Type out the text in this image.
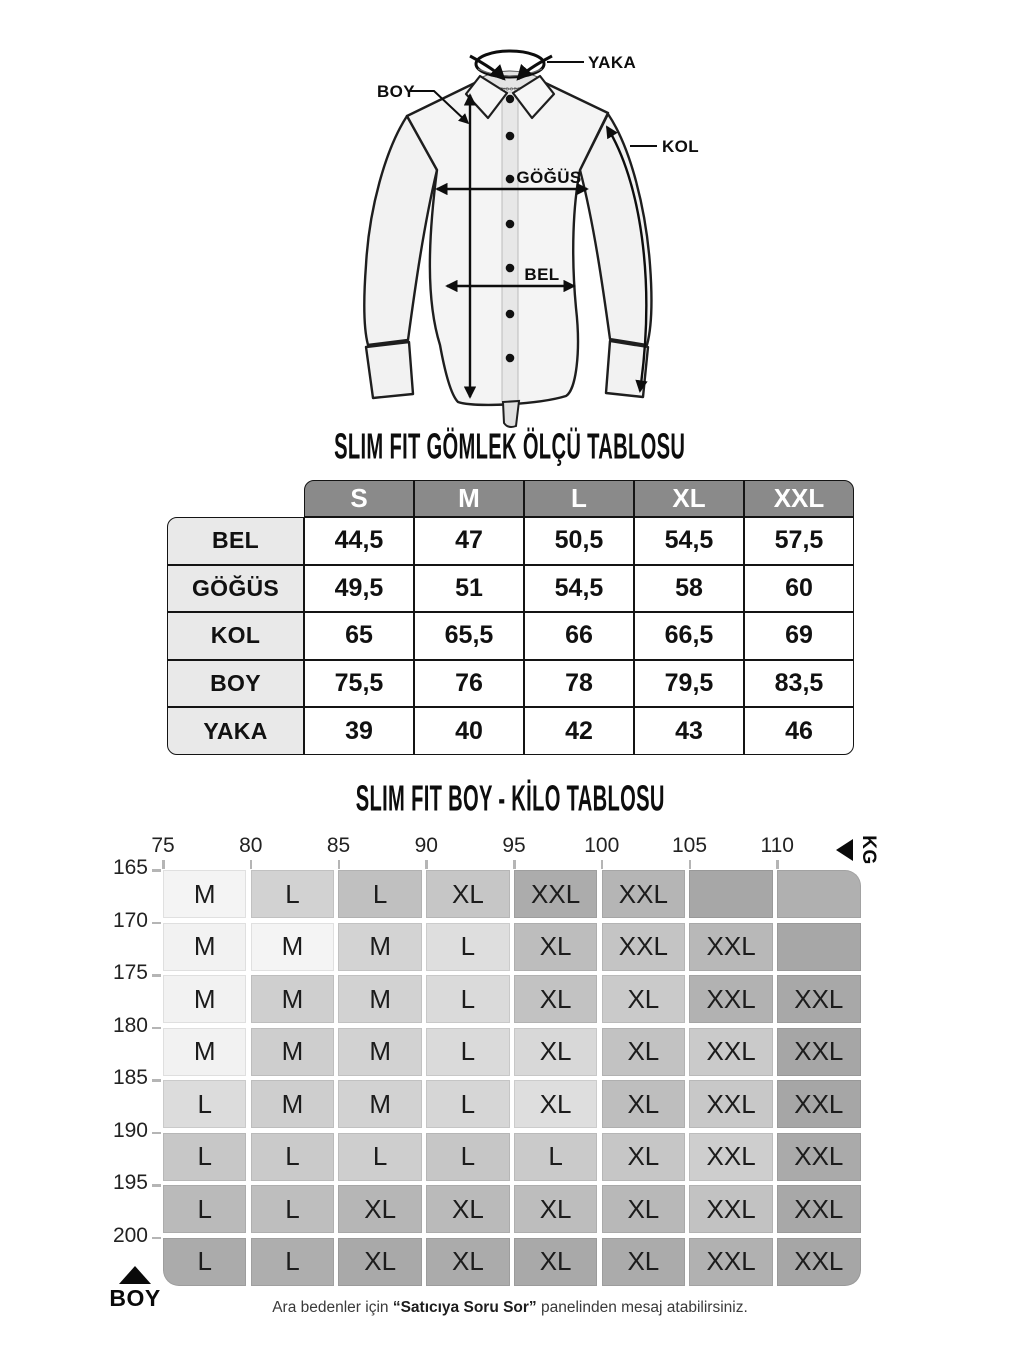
TUDORS
BOY
YAKA
KOL
GÖĞÜS
BEL
SLIM FIT GÖMLEK ÖLÇÜ TABLOSU
SLIM FIT BOY - KİLO TABLOSU
S	M	L	XL	XXL
BEL	44,5	47	50,5	54,5	57,5
GÖĞÜS	49,5	51	54,5	58	60
KOL	65	65,5	66	66,5	69
BOY	75,5	76	78	79,5	83,5
YAKA	39	40	42	43	46
75	80	85	90	95	100	105	110	KG
165
170
175
180
185
190
195
200
M	L	L	XL	XXL	XXL
M	M	M	L	XL	XXL	XXL
M	M	M	L	XL	XL	XXL	XXL
M	M	M	L	XL	XL	XXL	XXL
L	M	M	L	XL	XL	XXL	XXL
L	L	L	L	L	XL	XXL	XXL
L	L	XL	XL	XL	XL	XXL	XXL
L	L	XL	XL	XL	XL	XXL	XXL
BOY	Ara bedenler için “Satıcıya Soru Sor” panelinden mesaj atabilirsiniz.
